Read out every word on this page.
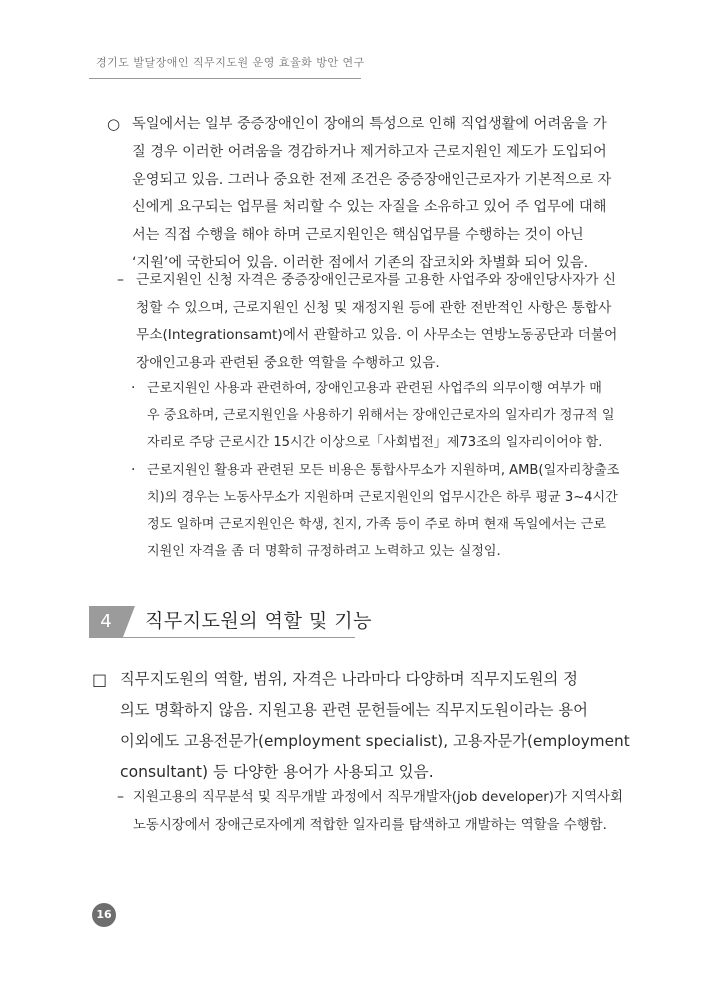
경기도 발달장애인 직무지도원 운영 효율화 방안 연구
○ 독일에서는 일부 중증장애인이 장애의 특성으로 인해 직업생활에 어려움을 가
질 경우 이러한 어려움을 경감하거나 제거하고자 근로지원인 제도가 도입되어
운영되고 있음. 그러나 중요한 전제 조건은 중증장애인근로자가 기본적으로 자
신에게 요구되는 업무를 처리할 수 있는 자질을 소유하고 있어 주 업무에 대해
서는 직접 수행을 해야 하며 근로지원인은 핵심업무를 수행하는 것이 아닌
‘지원’에 국한되어 있음. 이러한 점에서 기존의 잡코치와 차별화 되어 있음.
– 근로지원인 신청 자격은 중증장애인근로자를 고용한 사업주와 장애인당사자가 신
청할 수 있으며, 근로지원인 신청 및 재정지원 등에 관한 전반적인 사항은 통합사
무소(Integrationsamt)에서 관할하고 있음. 이 사무소는 연방노동공단과 더불어
장애인고용과 관련된 중요한 역할을 수행하고 있음.
· 근로지원인 사용과 관련하여, 장애인고용과 관련된 사업주의 의무이행 여부가 매
우 중요하며, 근로지원인을 사용하기 위해서는 장애인근로자의 일자리가 정규적 일
자리로 주당 근로시간 15시간 이상으로「사회법전」제73조의 일자리이어야 함.
· 근로지원인 활용과 관련된 모든 비용은 통합사무소가 지원하며, AMB(일자리창출조
치)의 경우는 노동사무소가 지원하며 근로지원인의 업무시간은 하루 평균 3~4시간
정도 일하며 근로지원인은 학생, 친지, 가족 등이 주로 하며 현재 독일에서는 근로
지원인 자격을 좀 더 명확히 규정하려고 노력하고 있는 실정임.
4	직무지도원의 역할 및 기능
□ 직무지도원의 역할, 범위, 자격은 나라마다 다양하며 직무지도원의 정
의도 명확하지 않음. 지원고용 관련 문헌들에는 직무지도원이라는 용어
이외에도 고용전문가(employment specialist), 고용자문가(employment
consultant) 등 다양한 용어가 사용되고 있음.
– 지원고용의 직무분석 및 직무개발 과정에서 직무개발자(job developer)가 지역사회
노동시장에서 장애근로자에게 적합한 일자리를 탐색하고 개발하는 역할을 수행함.
16
